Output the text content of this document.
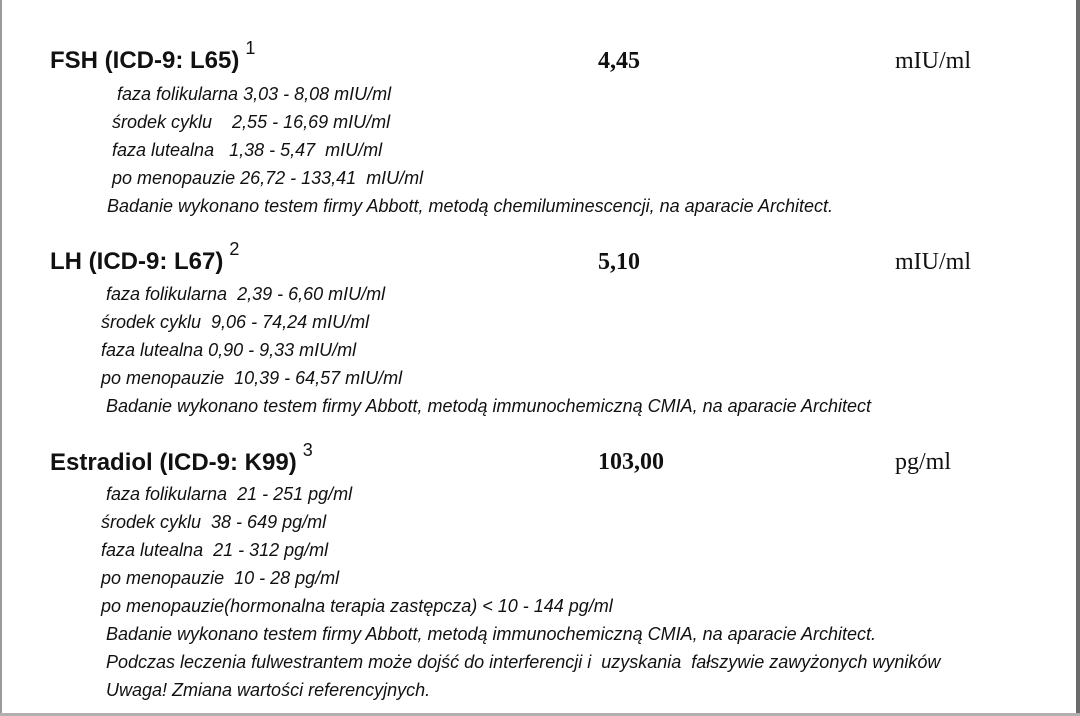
FSH (ICD-9: L65) $^1$	4,45	mIU/ml
faza folikularna 3,03 - 8,08 mIU/ml
środek cyklu    2,55 - 16,69 mIU/ml
faza lutealna   1,38 - 5,47  mIU/ml
po menopauzie 26,72 - 133,41  mIU/ml
Badanie wykonano testem firmy Abbott, metodą chemiluminescencji, na aparacie Architect.
LH (ICD-9: L67) $^2$	5,10	mIU/ml
faza folikularna  2,39 - 6,60 mIU/ml
środek cyklu  9,06 - 74,24 mIU/ml
faza lutealna 0,90 - 9,33 mIU/ml
po menopauzie  10,39 - 64,57 mIU/ml
Badanie wykonano testem firmy Abbott, metodą immunochemiczną CMIA, na aparacie Architect
Estradiol (ICD-9: K99) $^3$	103,00	pg/ml
faza folikularna  21 - 251 pg/ml
środek cyklu  38 - 649 pg/ml
faza lutealna  21 - 312 pg/ml
po menopauzie  10 - 28 pg/ml
po menopauzie(hormonalna terapia zastępcza) < 10 - 144 pg/ml
Badanie wykonano testem firmy Abbott, metodą immunochemiczną CMIA, na aparacie Architect.
Podczas leczenia fulwestrantem może dojść do interferencji i  uzyskania  fałszywie zawyżonych wyników
Uwaga! Zmiana wartości referencyjnych.
